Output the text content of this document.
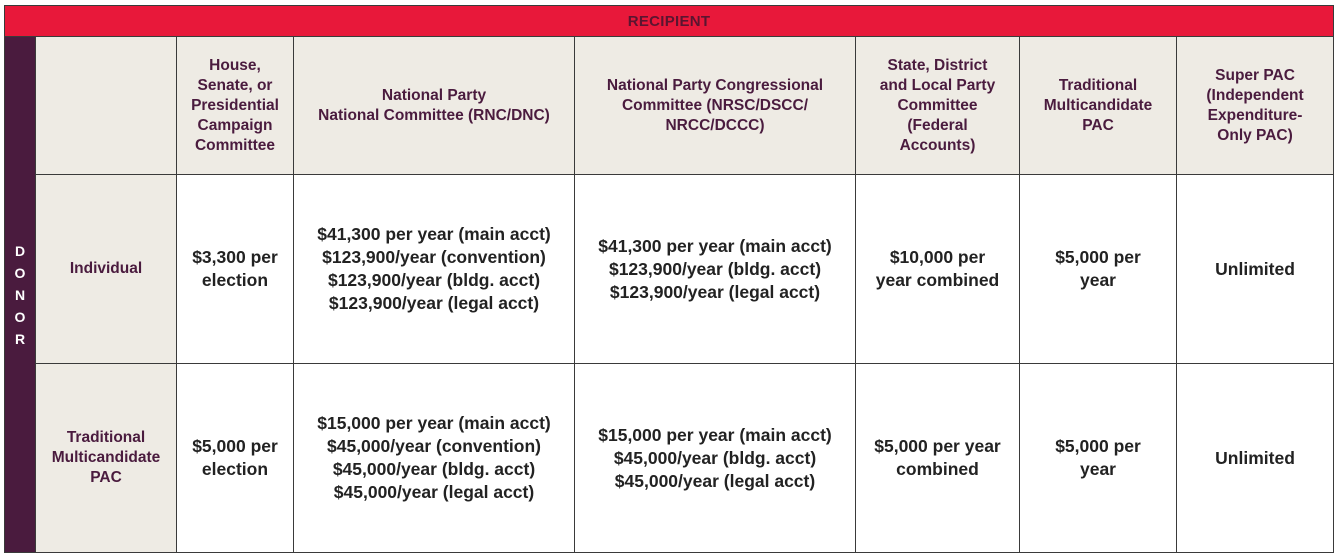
RECIPIENT							

D
O
N
O
R		House,
Senate, or
Presidential
Campaign
Committee	National Party
National Committee (RNC/DNC)	National Party Congressional
Committee (NRSC/DSCC/
NRCC/DCCC)	State, District
and Local Party
Committee
(Federal
Accounts)	Traditional
Multicandidate
PAC	Super PAC
(Independent
Expenditure-
Only PAC)

	Individual	$3,300 per
election	$41,300 per year (main acct)
$123,900/year (convention)
$123,900/year (bldg. acct)
$123,900/year (legal acct)	$41,300 per year (main acct)
$123,900/year (bldg. acct)
$123,900/year (legal acct)	$10,000 per
year combined	$5,000 per
year	Unlimited

	Traditional
Multicandidate
PAC	$5,000 per
election	$15,000 per year (main acct)
$45,000/year (convention)
$45,000/year (bldg. acct)
$45,000/year (legal acct)	$15,000 per year (main acct)
$45,000/year (bldg. acct)
$45,000/year (legal acct)	$5,000 per year
combined	$5,000 per
year	Unlimited
